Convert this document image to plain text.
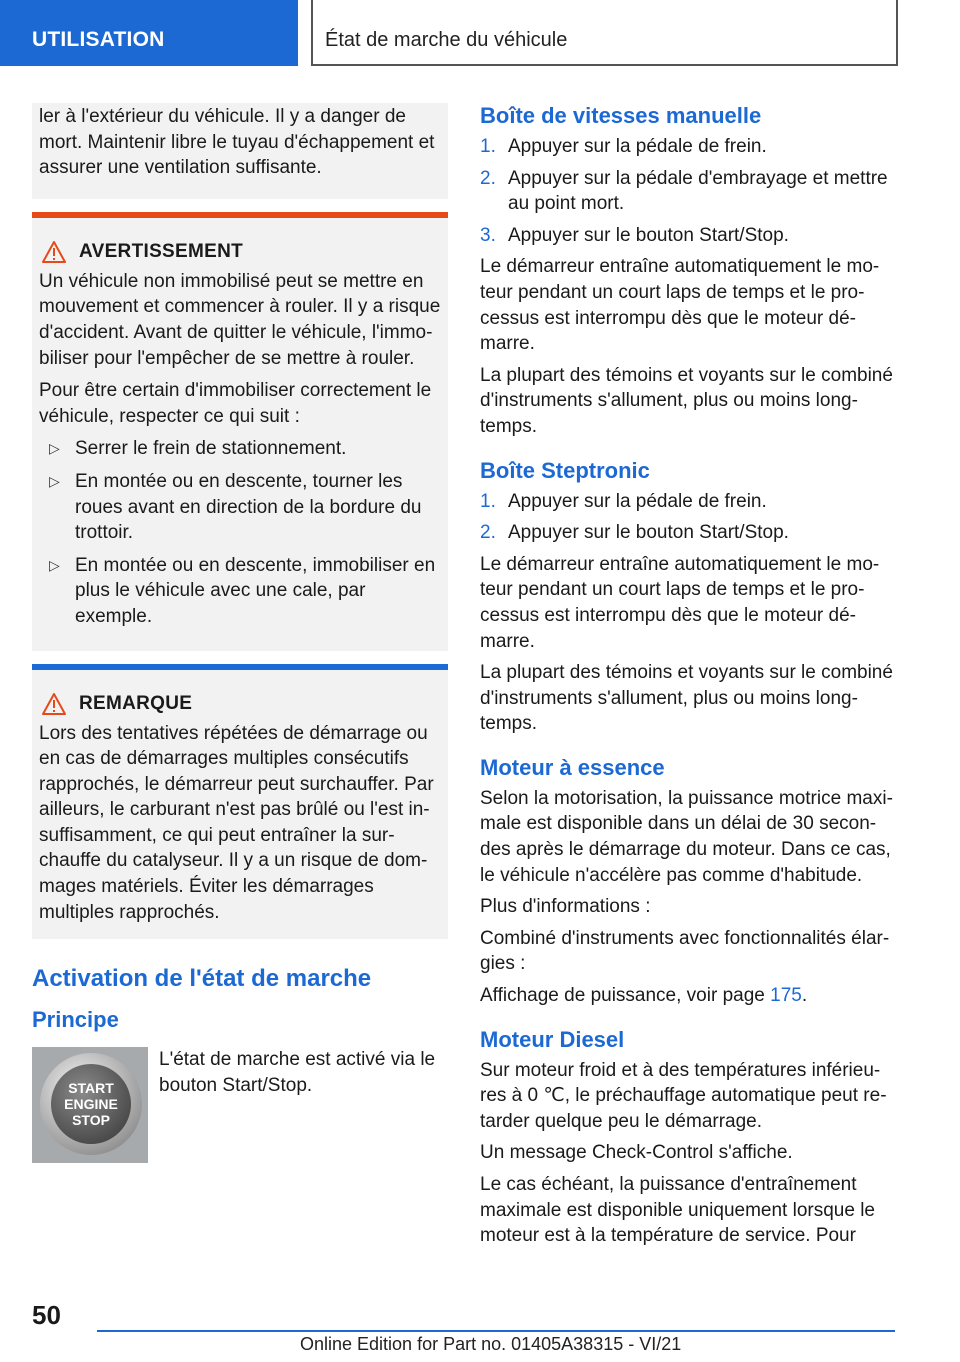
UTILISATION	État de marche du véhicule

ler à l'extérieur du véhicule. Il y a danger de mort. Maintenir libre le tuyau d'échappement et assurer une ventilation suffisante.

AVERTISSEMENT

Un véhicule non immobilisé peut se mettre en mouvement et commencer à rouler. Il y a risque d'accident. Avant de quitter le véhicule, l'immo-biliser pour l'empêcher de se mettre à rouler.

Pour être certain d'immobiliser correctement le véhicule, respecter ce qui suit :

▷ Serrer le frein de stationnement.
▷ En montée ou en descente, tourner les roues avant en direction de la bordure du trottoir.
▷ En montée ou en descente, immobiliser en plus le véhicule avec une cale, par exemple.
REMARQUE

Lors des tentatives répétées de démarrage ou en cas de démarrages multiples consécutifs rapprochés, le démarreur peut surchauffer. Par ailleurs, le carburant n'est pas brûlé ou l'est in-suffisamment, ce qui peut entraîner la sur-chauffe du catalyseur. Il y a un risque de dom-mages matériels. Éviter les démarrages multiples rapprochés.

Activation de l'état de marche
Principe
START
ENGINE
STOP

L'état de marche est activé via le bouton Start/Stop.

Boîte de vitesses manuelle
1. Appuyer sur la pédale de frein.
2. Appuyer sur la pédale d'embrayage et mettre au point mort.
3. Appuyer sur le bouton Start/Stop.

Le démarreur entraîne automatiquement le mo-teur pendant un court laps de temps et le pro-cessus est interrompu dès que le moteur dé-marre.

La plupart des témoins et voyants sur le combiné d'instruments s'allument, plus ou moins long-temps.

Boîte Steptronic
1. Appuyer sur la pédale de frein.
2. Appuyer sur le bouton Start/Stop.

Le démarreur entraîne automatiquement le mo-teur pendant un court laps de temps et le pro-cessus est interrompu dès que le moteur dé-marre.

La plupart des témoins et voyants sur le combiné d'instruments s'allument, plus ou moins long-temps.

Moteur à essence

Selon la motorisation, la puissance motrice maxi-male est disponible dans un délai de 30 secon-des après le démarrage du moteur. Dans ce cas, le véhicule n'accélère pas comme d'habitude.

Plus d'informations :

Combiné d'instruments avec fonctionnalités élar-gies :

Affichage de puissance, voir page 175.

Moteur Diesel

Sur moteur froid et à des températures inférieu-res à 0 ℃, le préchauffage automatique peut re-tarder quelque peu le démarrage.

Un message Check-Control s'affiche.

Le cas échéant, la puissance d'entraînement maximale est disponible uniquement lorsque le moteur est à la température de service. Pour

50
Online Edition for Part no. 01405A38315 - VI/21
